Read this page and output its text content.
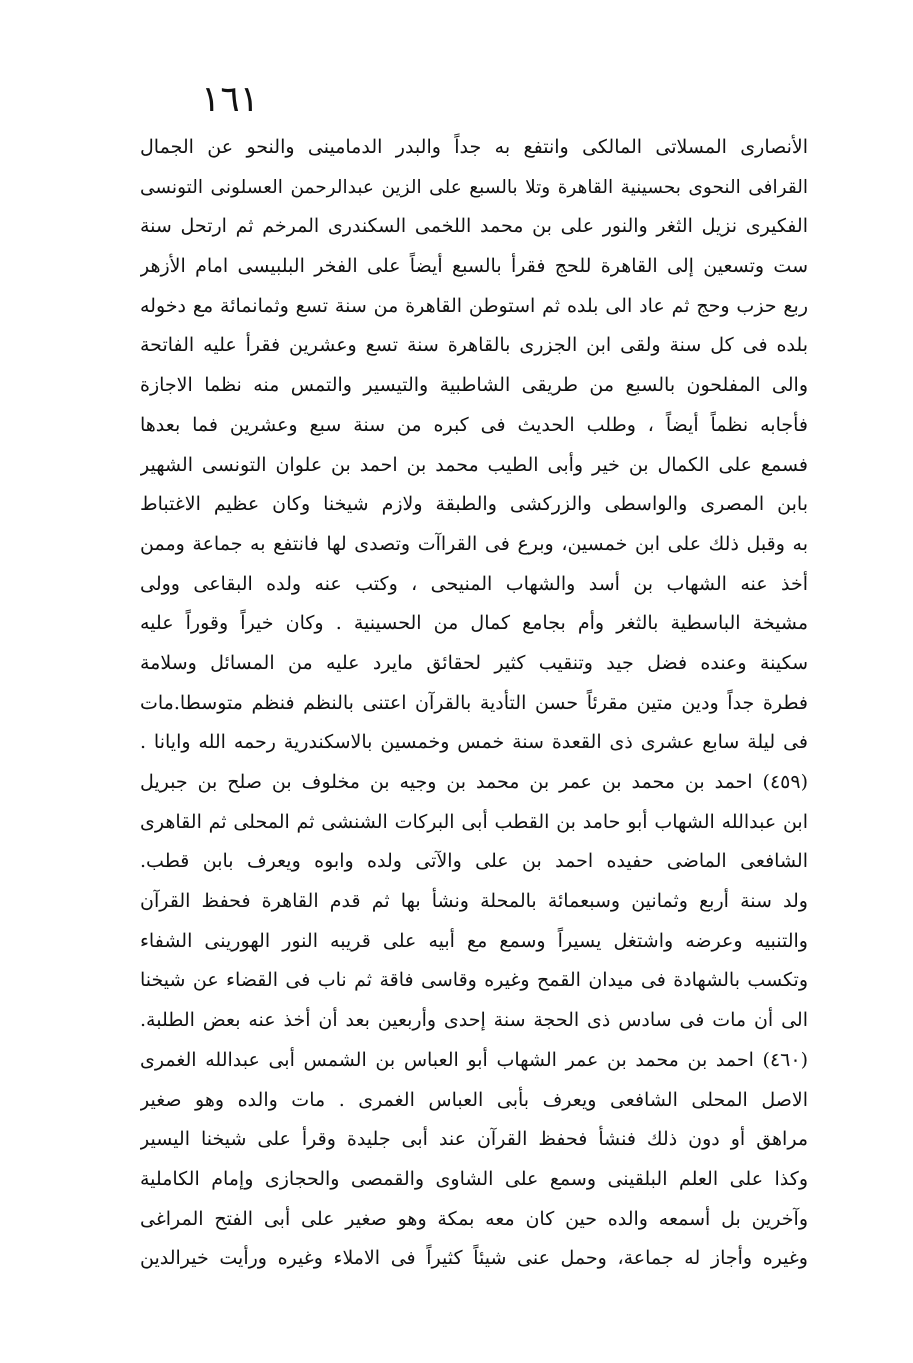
١٦١
الأنصارى المسلاتى المالكى وانتفع به جداً والبدر الدمامينى والنحو عن الجمال
القرافى النحوى بحسينية القاهرة وتلا بالسبع على الزين عبدالرحمن العسلونى التونسى
الفكيرى نزيل الثغر والنور على بن محمد اللخمى السكندرى المرخم ثم ارتحل سنة
ست وتسعين إلى القاهرة للحج فقرأ بالسبع أيضاً على الفخر البلبيسى امام الأزهر
ربع حزب وحج ثم عاد الى بلده ثم استوطن القاهرة من سنة تسع وثمانمائة مع دخوله
بلده فى كل سنة ولقى ابن الجزرى بالقاهرة سنة تسع وعشرين فقرأ عليه الفاتحة
والى المفلحون بالسبع من طريقى الشاطبية والتيسير والتمس منه نظما الاجازة
فأجابه نظماً أيضاً ، وطلب الحديث فى كبره من سنة سبع وعشرين فما بعدها
فسمع على الكمال بن خير وأبى الطيب محمد بن احمد بن علوان التونسى الشهير
بابن المصرى والواسطى والزركشى والطبقة ولازم شيخنا وكان عظيم الاغتباط
به وقبل ذلك على ابن خمسين، وبرع فى القراآت وتصدى لها فانتفع به جماعة وممن
أخذ عنه الشهاب بن أسد والشهاب المنيحى ، وكتب عنه ولده البقاعى وولى
مشيخة الباسطية بالثغر وأم بجامع كمال من الحسينية . وكان خيراً وقوراً عليه
سكينة وعنده فضل جيد وتنقيب كثير لحقائق مايرد عليه من المسائل وسلامة
فطرة جداً ودين متين مقرئاً حسن التأدية بالقرآن اعتنى بالنظم فنظم متوسطا.مات
فى ليلة سابع عشرى ذى القعدة سنة خمس وخمسين بالاسكندرية رحمه الله وايانا .
(٤٥٩) احمد بن محمد بن عمر بن محمد بن وجيه بن مخلوف بن صلح بن جبريل
ابن عبدالله الشهاب أبو حامد بن القطب أبى البركات الشنشى ثم المحلى ثم القاهرى
الشافعى الماضى حفيده احمد بن على والآتى ولده وابوه ويعرف بابن قطب.
ولد سنة أربع وثمانين وسبعمائة بالمحلة ونشأ بها ثم قدم القاهرة فحفظ القرآن
والتنبيه وعرضه واشتغل يسيراً وسمع مع أبيه على قريبه النور الهورينى الشفاء
وتكسب بالشهادة فى ميدان القمح وغيره وقاسى فاقة ثم ناب فى القضاء عن شيخنا
الى أن مات فى سادس ذى الحجة سنة إحدى وأربعين بعد أن أخذ عنه بعض الطلبة.
(٤٦٠) احمد بن محمد بن عمر الشهاب أبو العباس بن الشمس أبى عبدالله الغمرى
الاصل المحلى الشافعى ويعرف بأبى العباس الغمرى . مات والده وهو صغير
مراهق أو دون ذلك فنشأ فحفظ القرآن عند أبى جليدة وقرأ على شيخنا اليسير
وكذا على العلم البلقينى وسمع على الشاوى والقمصى والحجازى وإمام الكاملية
وآخرين بل أسمعه والده حين كان معه بمكة وهو صغير على أبى الفتح المراغى
وغيره وأجاز له جماعة، وحمل عنى شيئاً كثيراً فى الاملاء وغيره ورأيت خيرالدين
